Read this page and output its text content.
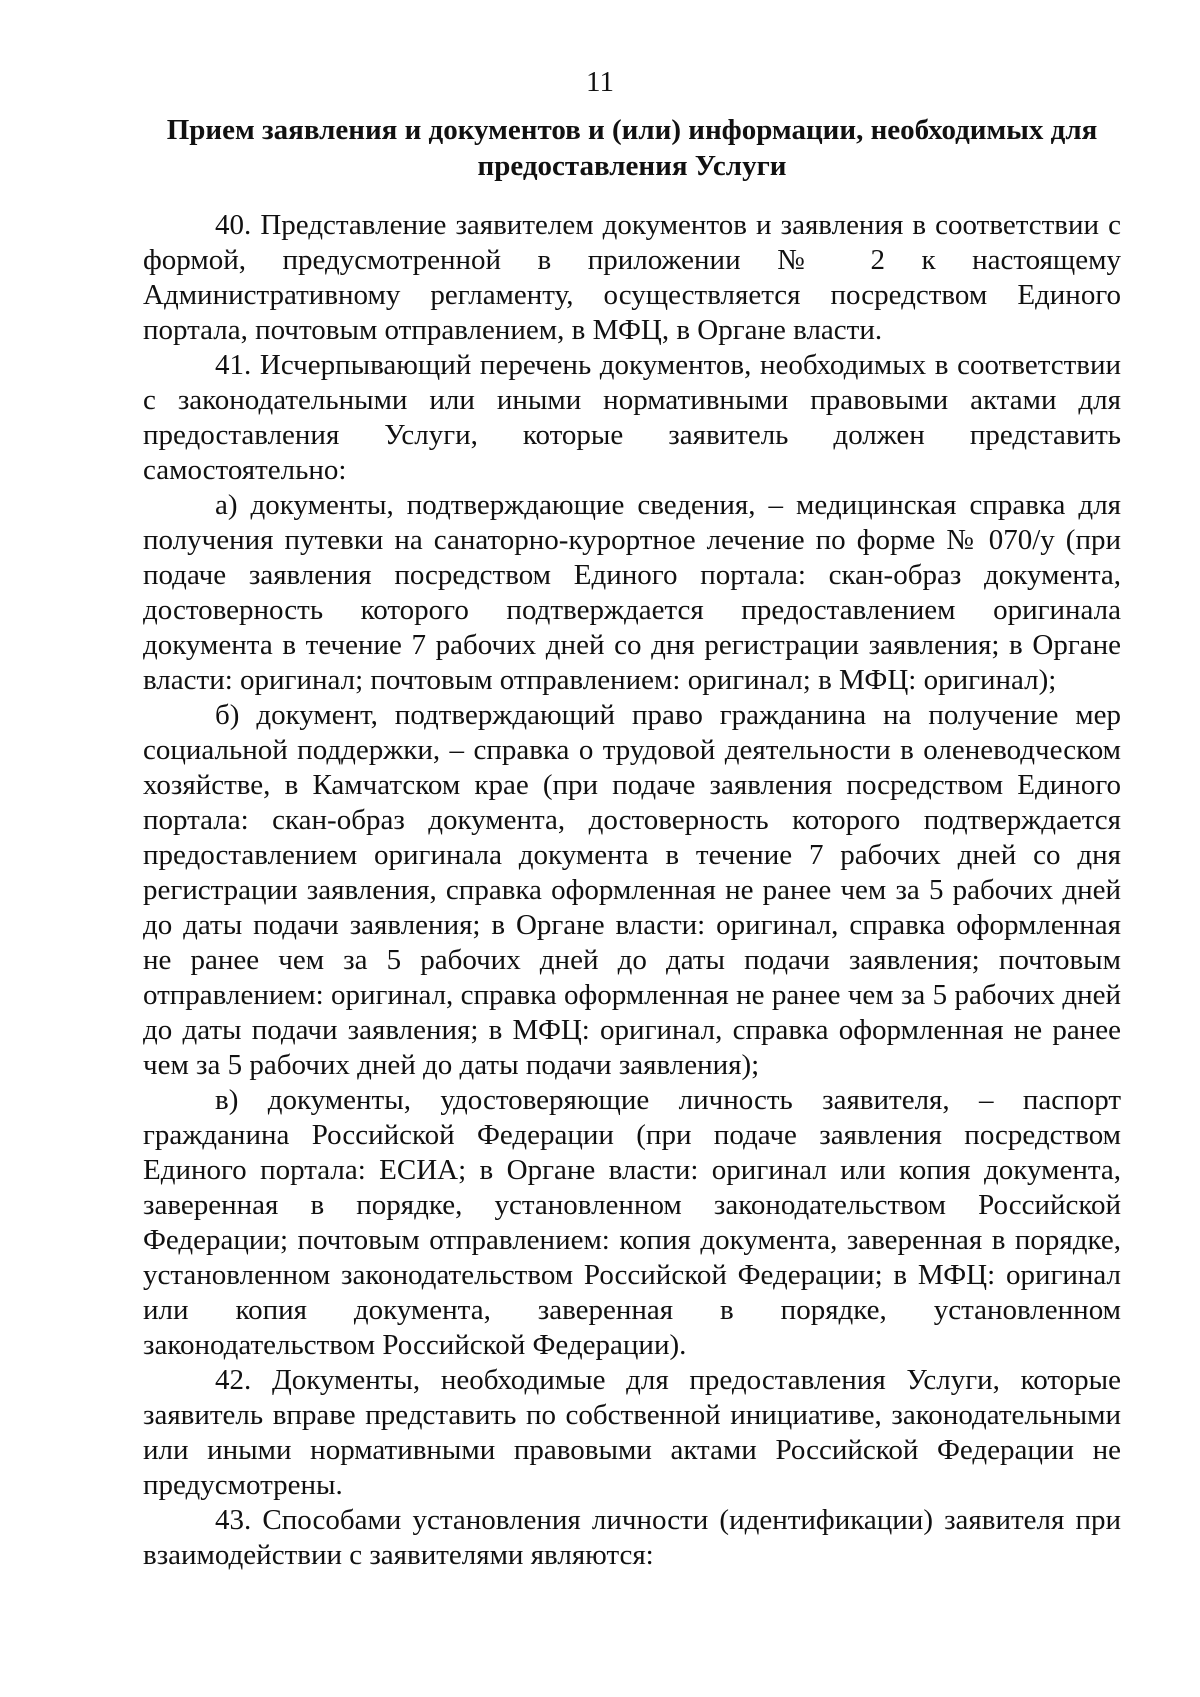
11
Прием заявления и документов и (или) информации, необходимых для
предоставления Услуги

40. Представление заявителем документов и заявления в соответствии с формой, предусмотренной в приложении № 2 к настоящему Административному регламенту, осуществляется посредством Единого портала, почтовым отправлением, в МФЦ, в Органе власти.

41. Исчерпывающий перечень документов, необходимых в соответствии с законодательными или иными нормативными правовыми актами для предоставления Услуги, которые заявитель должен представить самостоятельно:

а) документы, подтверждающие сведения, – медицинская справка для получения путевки на санаторно-курортное лечение по форме № 070/у (при подаче заявления посредством Единого портала: скан-образ документа, достоверность которого подтверждается предоставлением оригинала документа в течение 7 рабочих дней со дня регистрации заявления; в Органе власти: оригинал; почтовым отправлением: оригинал; в МФЦ: оригинал);

б) документ, подтверждающий право гражданина на получение мер социальной поддержки, – справка о трудовой деятельности в оленеводческом хозяйстве, в Камчатском крае (при подаче заявления посредством Единого портала: скан-образ документа, достоверность которого подтверждается предоставлением оригинала документа в течение 7 рабочих дней со дня регистрации заявления, справка оформленная не ранее чем за 5 рабочих дней до даты подачи заявления; в Органе власти: оригинал, справка оформленная не ранее чем за 5 рабочих дней до даты подачи заявления; почтовым отправлением: оригинал, справка оформленная не ранее чем за 5 рабочих дней до даты подачи заявления; в МФЦ: оригинал, справка оформленная не ранее чем за 5 рабочих дней до даты подачи заявления);

в) документы, удостоверяющие личность заявителя, – паспорт гражданина Российской Федерации (при подаче заявления посредством Единого портала: ЕСИА; в Органе власти: оригинал или копия документа, заверенная в порядке, установленном законодательством Российской Федерации; почтовым отправлением: копия документа, заверенная в порядке, установленном законодательством Российской Федерации; в МФЦ: оригинал или копия документа, заверенная в порядке, установленном законодательством Российской Федерации).

42. Документы, необходимые для предоставления Услуги, которые заявитель вправе представить по собственной инициативе, законодательными или иными нормативными правовыми актами Российской Федерации не предусмотрены.

43. Способами установления личности (идентификации) заявителя при взаимодействии с заявителями являются:
